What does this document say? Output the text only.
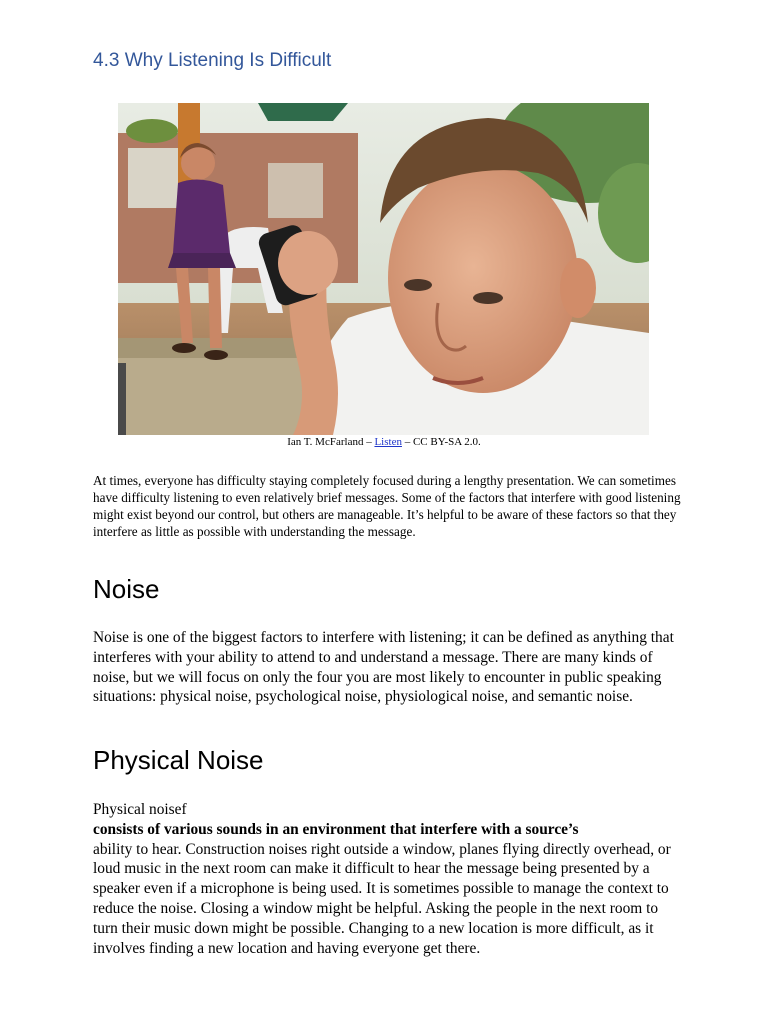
4.3 Why Listening Is Difficult
Ian T. McFarland – Listen – CC BY-SA 2.0.

At times, everyone has difficulty staying completely focused during a lengthy presentation. We can sometimes have difficulty listening to even relatively brief messages. Some of the factors that interfere with good listening might exist beyond our control, but others are manageable. It’s helpful to be aware of these factors so that they interfere as little as possible with understanding the message.

Noise

Noise is one of the biggest factors to interfere with listening; it can be defined as anything that interferes with your ability to attend to and understand a message. There are many kinds of noise, but we will focus on only the four you are most likely to encounter in public speaking situations: physical noise, psychological noise, physiological noise, and semantic noise.

Physical Noise

Physical noisef
consists of various sounds in an environment that interfere with a source’s
ability to hear. Construction noises right outside a window, planes flying directly overhead, or loud music in the next room can make it difficult to hear the message being presented by a speaker even if a microphone is being used. It is sometimes possible to manage the context to reduce the noise. Closing a window might be helpful. Asking the people in the next room to turn their music down might be possible. Changing to a new location is more difficult, as it involves finding a new location and having everyone get there.
